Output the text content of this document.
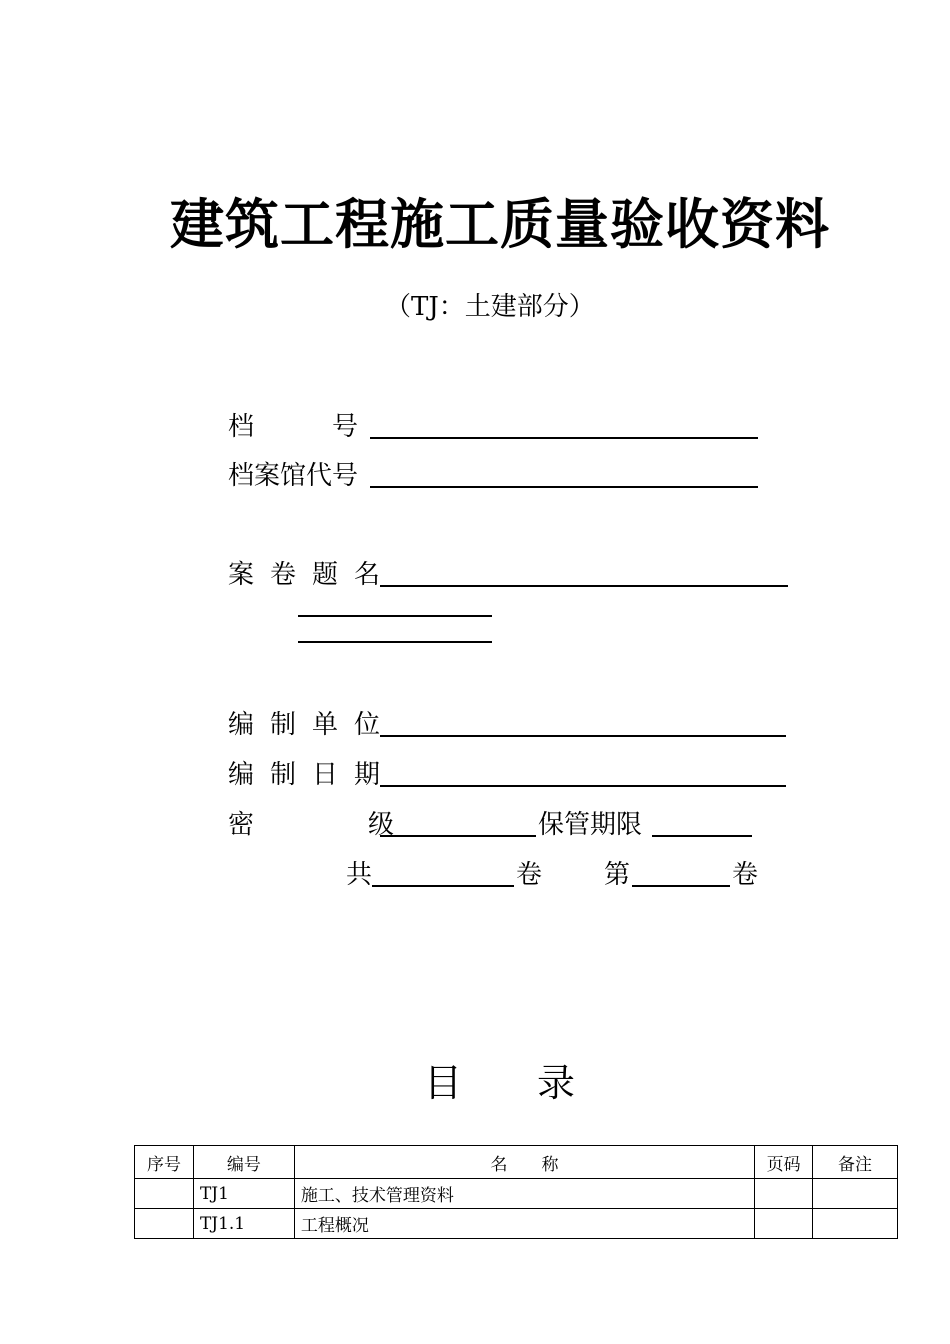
建筑工程施工质量验收资料
（TJ：土建部分）
档　　　号
档案馆代号
案卷题名
编制单位
编制日期
密　　　级	保管期限
共	卷 第	卷
目 录
序号	编号	名　　称	页码	备注
	TJ1	施工、技术管理资料		
	TJ1.1	工程概况		
